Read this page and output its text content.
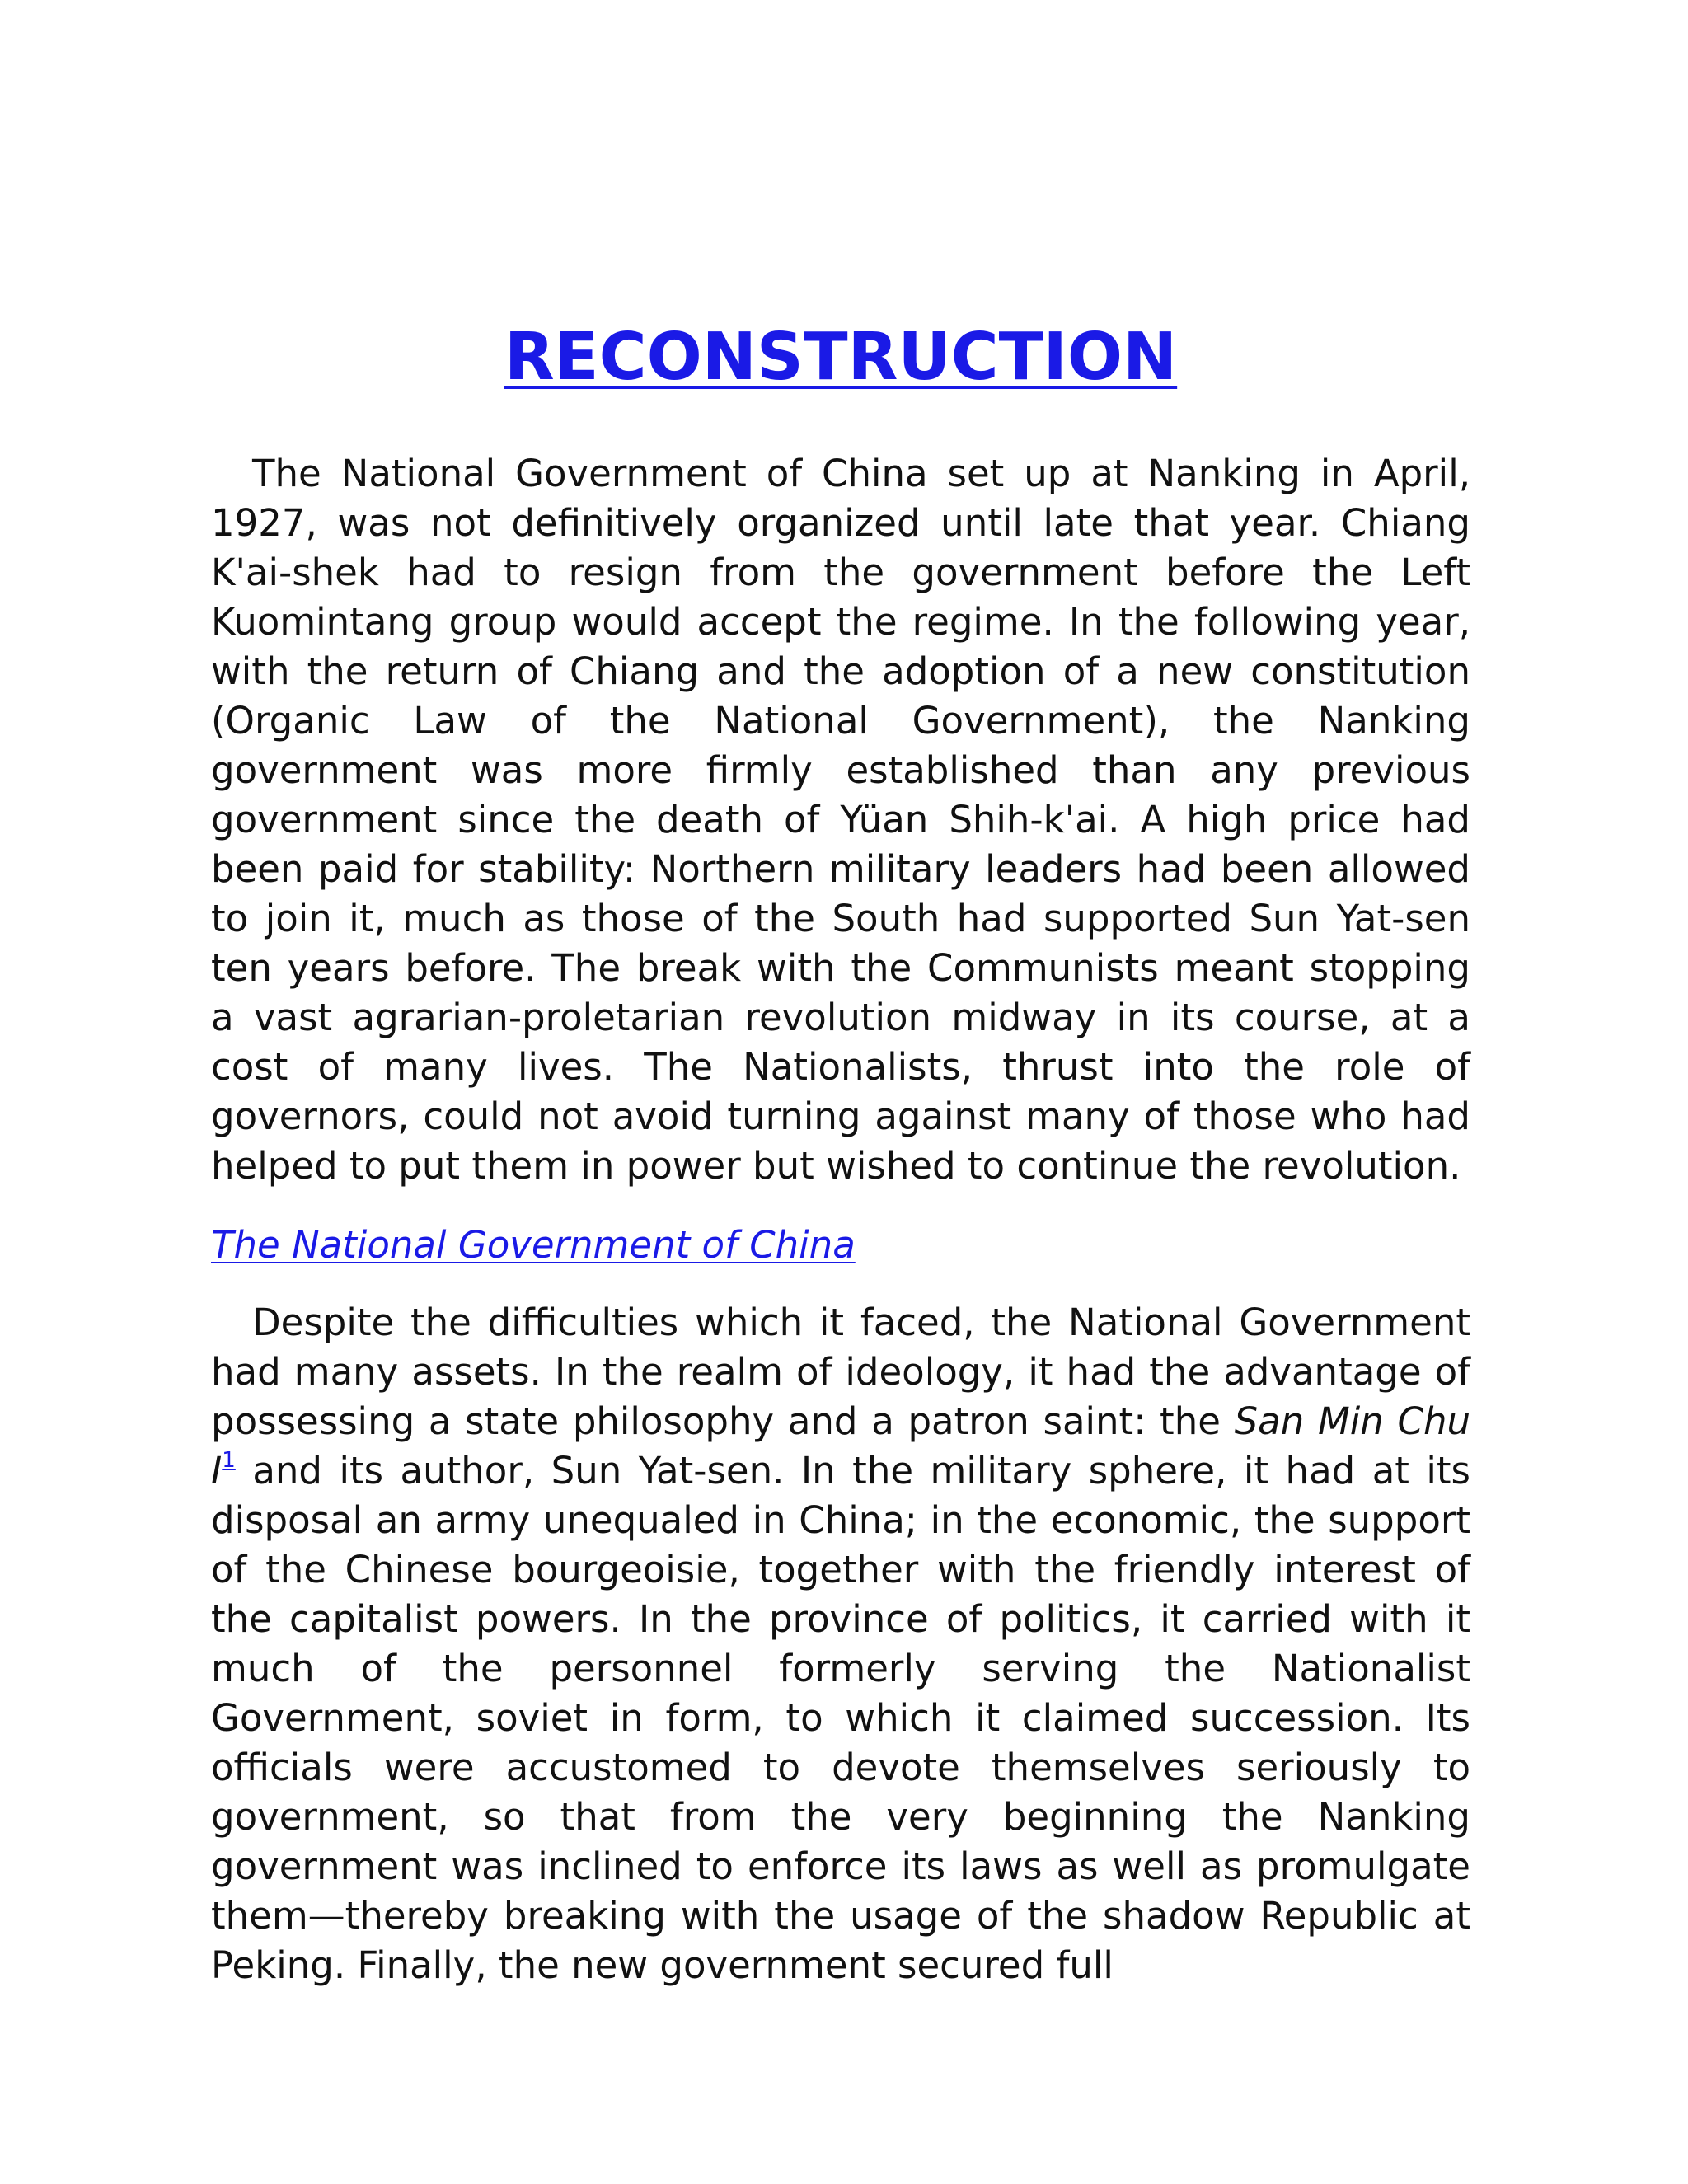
RECONSTRUCTION

The National Government of China set up at Nanking in April, 1927, was not definitively organized until late that year. Chiang K'ai-shek had to resign from the government before the Left Kuomintang group would accept the regime. In the following year, with the return of Chiang and the adoption of a new constitution (Organic Law of the National Government), the Nanking government was more firmly established than any previous government since the death of Yüan Shih-k'ai. A high price had been paid for stability: Northern military leaders had been allowed to join it, much as those of the South had supported Sun Yat-sen ten years before. The break with the Communists meant stopping a vast agrarian-proletarian revolution midway in its course, at a cost of many lives. The Nationalists, thrust into the role of governors, could not avoid turning against many of those who had helped to put them in power but wished to continue the revolution.

The National Government of China

Despite the difficulties which it faced, the National Government had many assets. In the realm of ideology, it had the advantage of possessing a state philosophy and a patron saint: the San Min Chu I$^1$ and its author, Sun Yat-sen. In the military sphere, it had at its disposal an army unequaled in China; in the economic, the support of the Chinese bourgeoisie, together with the friendly interest of the capitalist powers. In the province of politics, it carried with it much of the personnel formerly serving the Nationalist Government, soviet in form, to which it claimed succession. Its officials were accustomed to devote themselves seriously to government, so that from the very beginning the Nanking government was inclined to enforce its laws as well as promulgate them—thereby breaking with the usage of the shadow Republic at Peking. Finally, the new government secured full
